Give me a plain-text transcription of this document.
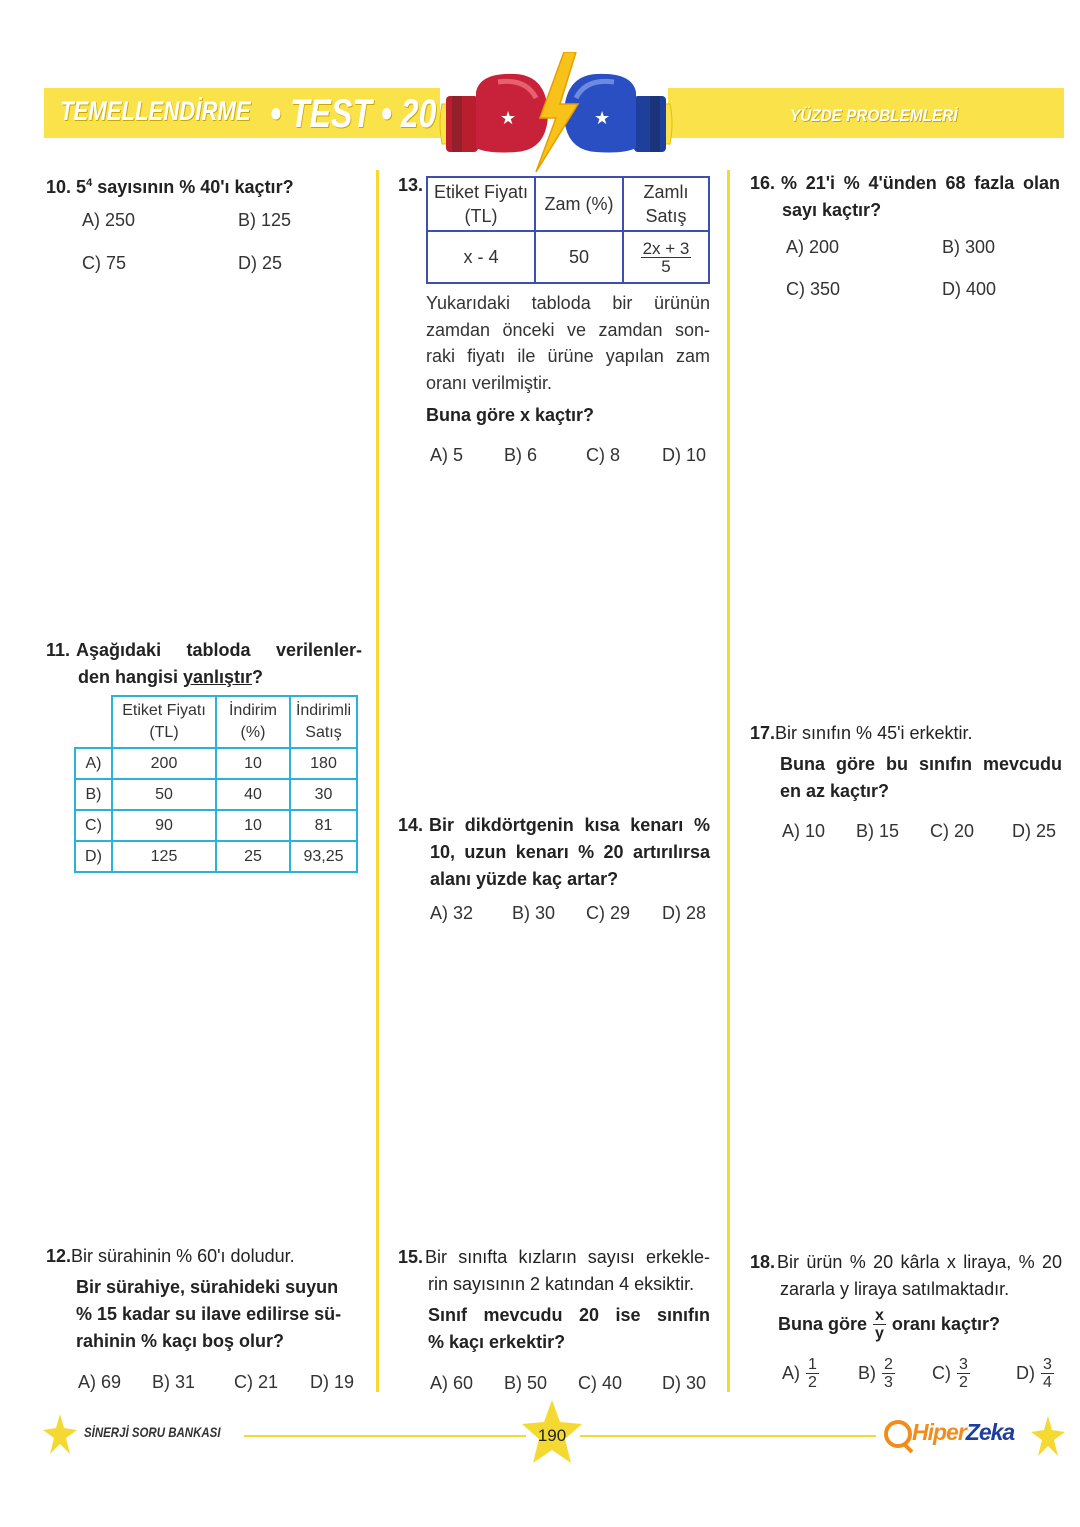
TEMELLENDİRME • TEST • 20	YÜZDE PROBLEMLERİ
★	★
10. $5^4$ sayısının % 40'ı kaçtır?
A) 250	B) 125
C) 75	D) 25
11. Aşağıdaki tabloda verilenler-
den hangisi yanlıştır?
	Etiket Fiyatı (TL)	İndirim (%)	İndirimli Satış
A)	200	10	180
B)	50	40	30
C)	90	10	81
D)	125	25	93,25
12.Bir sürahinin % 60'ı doludur.
Bir sürahiye, sürahideki suyun
% 15 kadar su ilave edilirse sü-
rahinin % kaçı boş olur?
A) 69 B) 31 C) 21 D) 19
13. Etiket Fiyatı (TL)	Zam (%)	Zamlı Satış
x - 4	50	$\frac{2x + 3}{5}$
Yukarıdaki tabloda bir ürünün
zamdan önceki ve zamdan son-
raki fiyatı ile ürüne yapılan zam
oranı verilmiştir.
Buna göre x kaçtır?
A) 5 B) 6	C) 8 D) 10
14. Bir dikdörtgenin kısa kenarı %
10, uzun kenarı % 20 artırılırsa
alanı yüzde kaç artar?
A) 32 B) 30 C) 29 D) 28
15. Bir sınıfta kızların sayısı erkekle-
rin sayısının 2 katından 4 eksiktir.
Sınıf mevcudu 20 ise sınıfın
% kaçı erkektir?
A) 60 B) 50 C) 40 D) 30
16. % 21'i % 4'ünden 68 fazla olan
sayı kaçtır?
A) 200	B) 300
C) 350	D) 400
17.Bir sınıfın % 45'i erkektir.
Buna göre bu sınıfın mevcudu
en az kaçtır?
A) 10 B) 15 C) 20 D) 25
18. Bir ürün % 20 kârla x liraya, % 20
zararla y liraya satılmaktadır.
Buna göre $\frac{x}{y}$ oranı kaçtır?
$A) \frac{1}{2} B) \frac{2}{3} C) \frac{3}{2}$	$D) \frac{3}{4}$
SİNERJİ SORU BANKASI	190	HiperZeka
